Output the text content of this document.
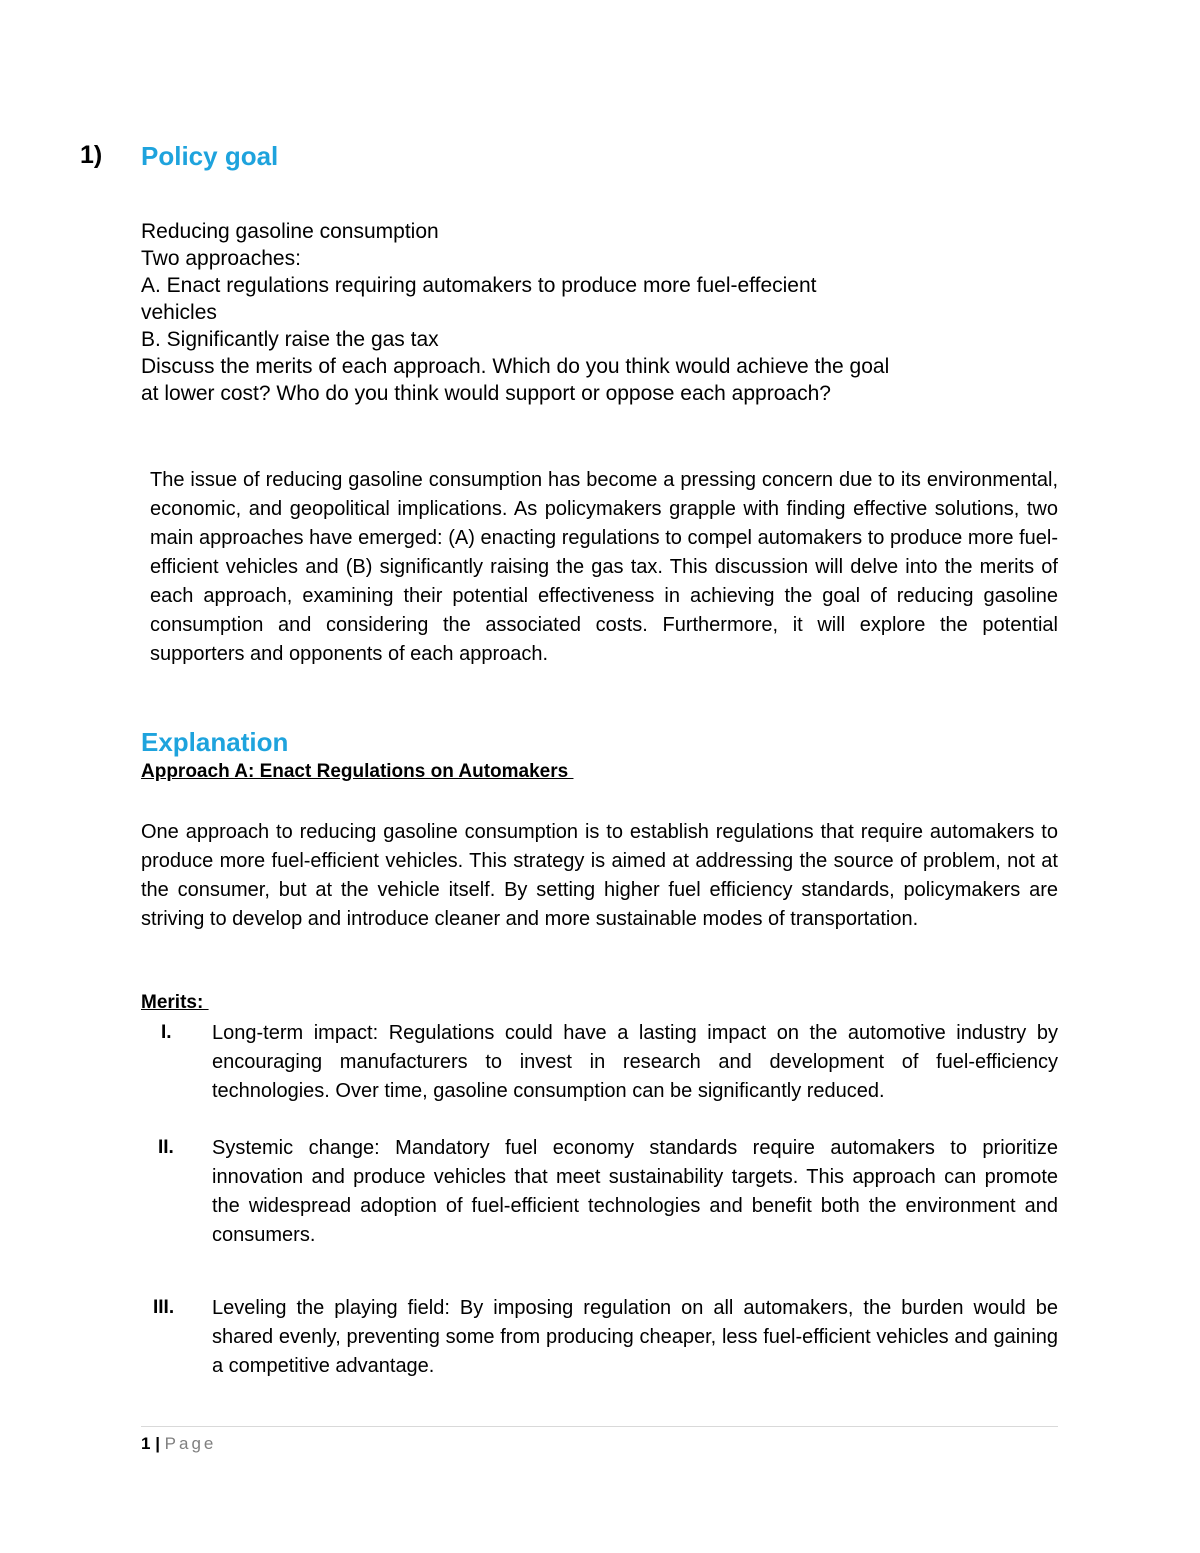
1) Policy goal
Reducing gasoline consumption
Two approaches:
A. Enact regulations requiring automakers to produce more fuel-effecient
vehicles
B. Significantly raise the gas tax
Discuss the merits of each approach. Which do you think would achieve the goal
at lower cost? Who do you think would support or oppose each approach?

The issue of reducing gasoline consumption has become a pressing concern due to its environmental, economic, and geopolitical implications. As policymakers grapple with finding effective solutions, two main approaches have emerged: (A) enacting regulations to compel automakers to produce more fuel-efficient vehicles and (B) significantly raising the gas tax. This discussion will delve into the merits of each approach, examining their potential effectiveness in achieving the goal of reducing gasoline consumption and considering the associated costs. Furthermore, it will explore the potential supporters and opponents of each approach.

Explanation
Approach A: Enact Regulations on Automakers

One approach to reducing gasoline consumption is to establish regulations that require automakers to produce more fuel-efficient vehicles. This strategy is aimed at addressing the source of problem, not at the consumer, but at the vehicle itself. By setting higher fuel efficiency standards, policymakers are striving to develop and introduce cleaner and more sustainable modes of transportation.

Merits:
I. Long-term impact: Regulations could have a lasting impact on the automotive industry by encouraging manufacturers to invest in research and development of fuel-efficiency technologies. Over time, gasoline consumption can be significantly reduced.

II. Systemic change: Mandatory fuel economy standards require automakers to prioritize innovation and produce vehicles that meet sustainability targets. This approach can promote the widespread adoption of fuel-efficient technologies and benefit both the environment and consumers.

III. Leveling the playing field: By imposing regulation on all automakers, the burden would be shared evenly, preventing some from producing cheaper, less fuel-efficient vehicles and gaining a competitive advantage.

1 | Page
